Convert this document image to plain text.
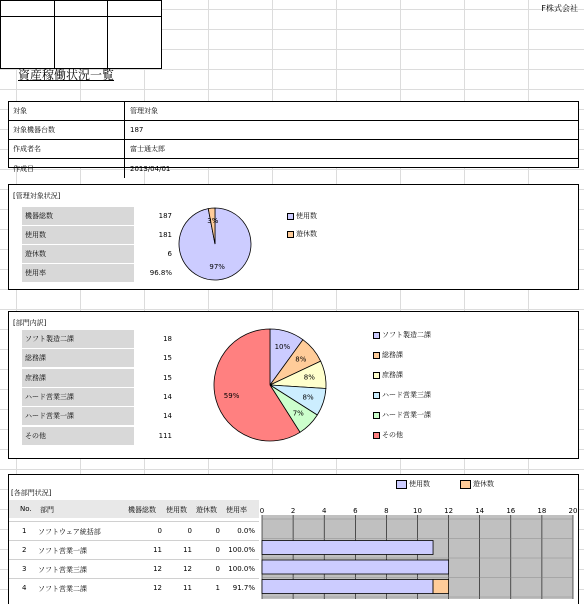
F株式会社
資産稼働状況一覧
対象	管理対象
対象機器台数	187
作成者名	富士通太郎
作成日	2013/04/01
[管理対象状況]
機器総数	187
使用数	181
遊休数	6
使用率	96.8%
97%
3%
使用数
遊休数
[部門内訳]
ソフト製造二課	18
総務課	15
庶務課	15
ハード営業三課	14
ハード営業一課	14
その他	111
10%
8%
8%
8%
7%
59%
ソフト製造二課
総務課
庶務課
ハード営業三課
ハード営業一課
その他
[各部門状況]
使用数	遊休数
No. 部門	機器総数 使用数 遊休数 使用率
1 ソフトウェア統括部	0	0	0	0.0%
2 ソフト営業一課	11	11	0	100.0%
3 ソフト営業三課	12	12	0	100.0%
4 ソフト営業二課	12	11	1	91.7%
0	2	4	6	8	10	12	14	16	18	20
